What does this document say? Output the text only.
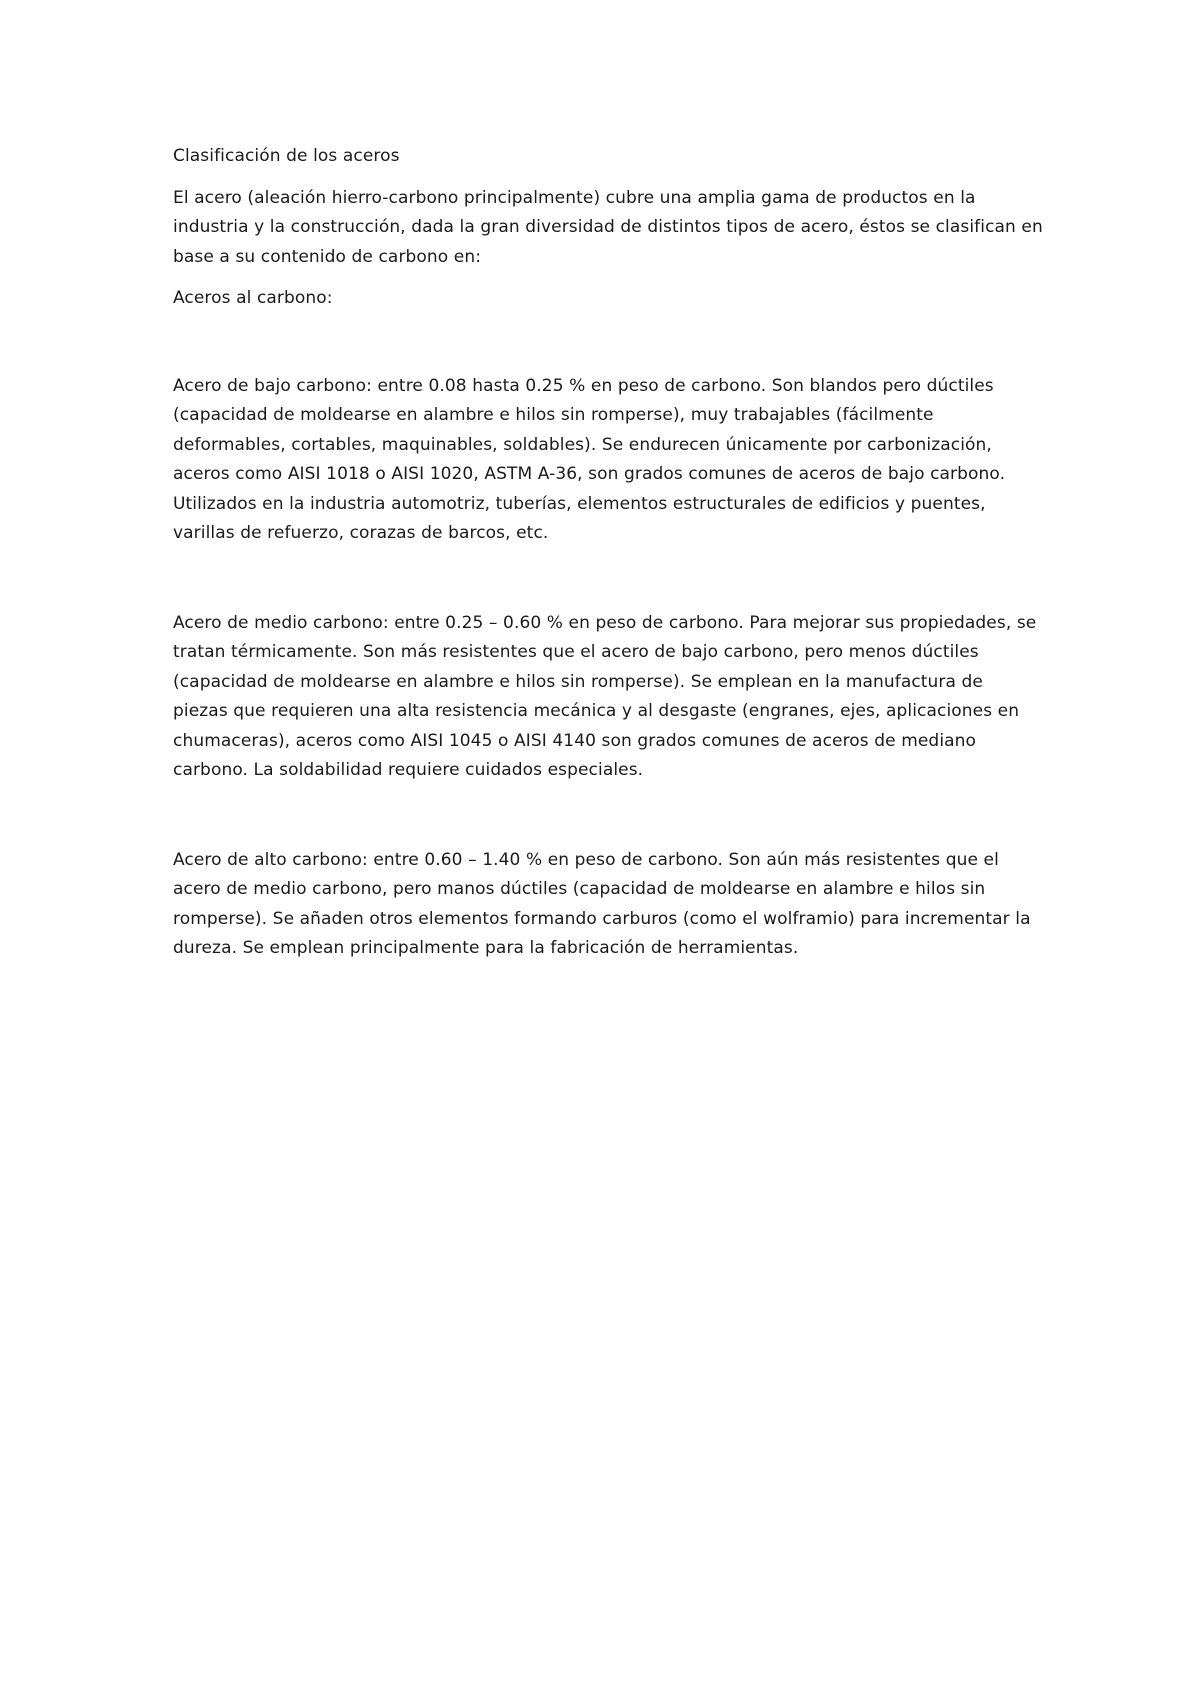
Clasificación de los aceros

El acero (aleación hierro-carbono principalmente) cubre una amplia gama de productos en la industria y la construcción, dada la gran diversidad de distintos tipos de acero, éstos se clasifican en base a su contenido de carbono en:

Aceros al carbono:

Acero de bajo carbono: entre 0.08 hasta 0.25 % en peso de carbono. Son blandos pero dúctiles (capacidad de moldearse en alambre e hilos sin romperse), muy trabajables (fácilmente deformables, cortables, maquinables, soldables). Se endurecen únicamente por carbonización, aceros como AISI 1018 o AISI 1020, ASTM A-36, son grados comunes de aceros de bajo carbono. Utilizados en la industria automotriz, tuberías, elementos estructurales de edificios y puentes, varillas de refuerzo, corazas de barcos, etc.

Acero de medio carbono: entre 0.25 – 0.60 % en peso de carbono. Para mejorar sus propiedades, se tratan térmicamente. Son más resistentes que el acero de bajo carbono, pero menos dúctiles (capacidad de moldearse en alambre e hilos sin romperse). Se emplean en la manufactura de piezas que requieren una alta resistencia mecánica y al desgaste (engranes, ejes, aplicaciones en chumaceras), aceros como AISI 1045 o AISI 4140 son grados comunes de aceros de mediano carbono. La soldabilidad requiere cuidados especiales.

Acero de alto carbono: entre 0.60 – 1.40 % en peso de carbono. Son aún más resistentes que el acero de medio carbono, pero manos dúctiles (capacidad de moldearse en alambre e hilos sin romperse). Se añaden otros elementos formando carburos (como el wolframio) para incrementar la dureza. Se emplean principalmente para la fabricación de herramientas.
